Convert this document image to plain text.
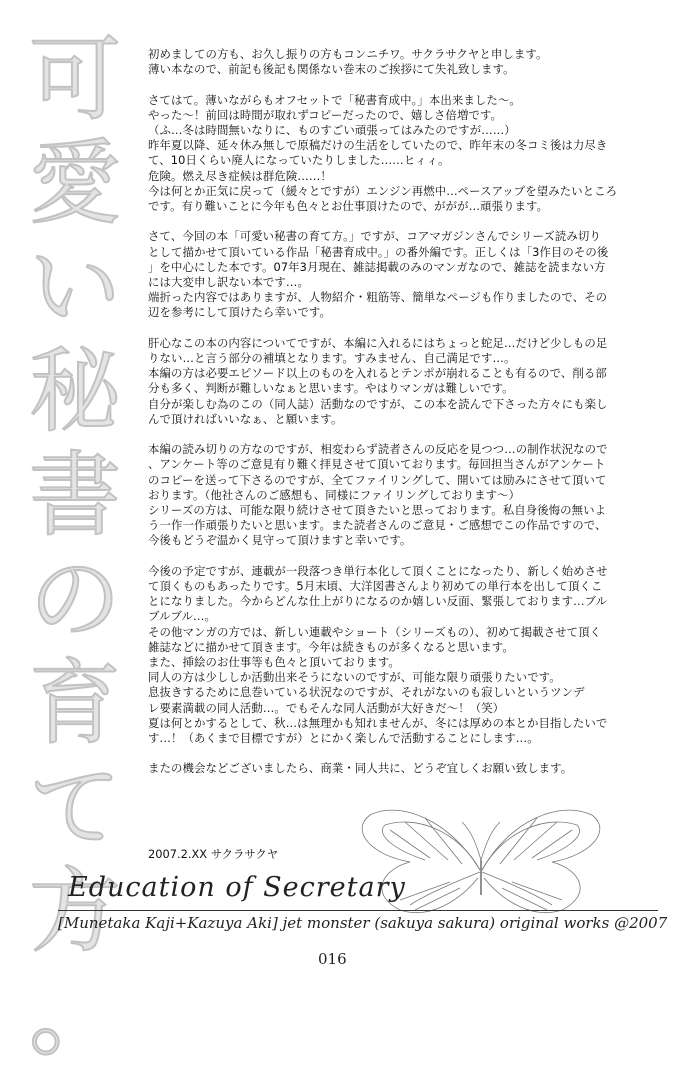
可
愛
い
秘
書
の
育
て
方
。
初めましての方も、お久し振りの方もコンニチワ。サクラサクヤと申します。
薄い本なので、前記も後記も関係ない巻末のご挨拶にて失礼致します。
さてはて。薄いながらもオフセットで「秘書育成中。」本出来ました～。
やった～！前回は時間が取れずコピーだったので、嬉しさ倍増です。
（ふ…冬は時間無いなりに、ものすごい頑張ってはみたのですが……）
昨年夏以降、延々休み無しで原稿だけの生活をしていたので、昨年末の冬コミ後は力尽き
て、10日くらい廃人になっていたりしました……ヒィィ。
危険。燃え尽き症候は群危険……！
今は何とか正気に戻って（緩々とですが）エンジン再燃中…ペースアップを望みたいところ
です。有り難いことに今年も色々とお仕事頂けたので、ががが…頑張ります。
さて、今回の本「可愛い秘書の育て方。」ですが、コアマガジンさんでシリーズ読み切り
として描かせて頂いている作品「秘書育成中。」の番外編です。正しくは「3作目のその後
」を中心にした本です。07年3月現在、雑誌掲載のみのマンガなので、雑誌を読まない方
には大変申し訳ない本です…。
端折った内容ではありますが、人物紹介・粗筋等、簡単なページも作りましたので、その
辺を参考にして頂けたら幸いです。
肝心なこの本の内容についてですが、本編に入れるにはちょっと蛇足…だけど少しもの足
りない…と言う部分の補填となります。すみません、自己満足です…。
本編の方は必要エピソード以上のものを入れるとテンポが崩れることも有るので、削る部
分も多く、判断が難しいなぁと思います。やはりマンガは難しいです。
自分が楽しむ為のこの（同人誌）活動なのですが、この本を読んで下さった方々にも楽し
んで頂ければいいなぁ、と願います。
本編の読み切りの方なのですが、相変わらず読者さんの反応を見つつ…の制作状況なので
、アンケート等のご意見有り難く拝見させて頂いております。毎回担当さんがアンケート
のコピーを送って下さるのですが、全てファイリングして、開いては励みにさせて頂いて
おります。（他社さんのご感想も、同様にファイリングしております～）
シリーズの方は、可能な限り続けさせて頂きたいと思っております。私自身後悔の無いよ
う一作一作頑張りたいと思います。また読者さんのご意見・ご感想でこの作品ですので、
今後もどうぞ温かく見守って頂けますと幸いです。
今後の予定ですが、連載が一段落つき単行本化して頂くことになったり、新しく始めさせ
て頂くものもあったりです。5月末頃、大洋図書さんより初めての単行本を出して頂くこ
とになりました。今からどんな仕上がりになるのか嬉しい反面、緊張しております…ブル
ブルブル…。
その他マンガの方では、新しい連載やショート（シリーズもの）、初めて掲載させて頂く
雑誌などに描かせて頂きます。今年は続きものが多くなると思います。
また、挿絵のお仕事等も色々と頂いております。
同人の方は少ししか活動出来そうにないのですが、可能な限り頑張りたいです。
息抜きするために息巻いている状況なのですが、それがないのも寂しいというツンデ
レ要素満載の同人活動…。でもそんな同人活動が大好きだ～！（笑）
夏は何とかするとして、秋…は無理かも知れませんが、冬には厚めの本とか目指したいで
す…！（あくまで目標ですが）とにかく楽しんで活動することにします…。
またの機会などございましたら、商業・同人共に、どうぞ宜しくお願い致します。
2007.2.XX サクラサクヤ
Education of Secretary
[Munetaka Kaji+Kazuya Aki] jet monster (sakuya sakura) original works @2007
016
